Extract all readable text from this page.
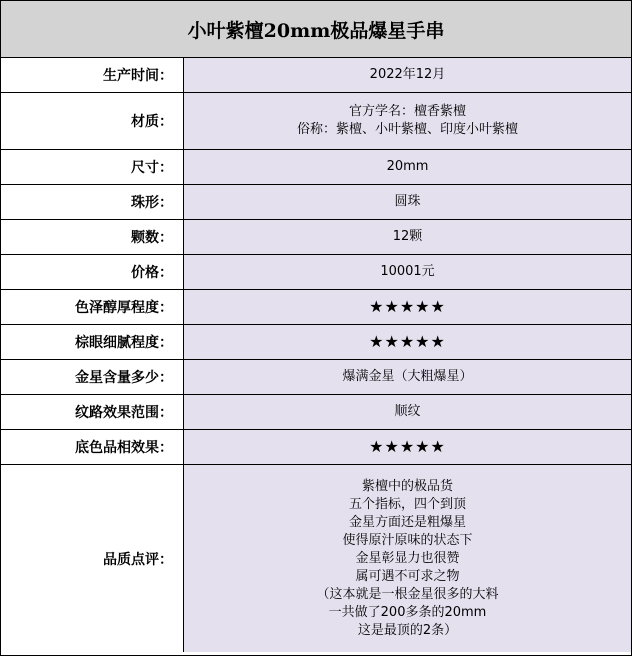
小叶紫檀20mm极品爆星手串
生产时间：	2022年12月
材质：
官方学名：檀香紫檀
俗称：紫檀、小叶紫檀、印度小叶紫檀
尺寸：	20mm
珠形：	圆珠
颗数：	12颗
价格：	10001元
色泽醇厚程度：	★★★★★
棕眼细腻程度：	★★★★★
金星含量多少：	爆满金星（大粗爆星）
纹路效果范围：	顺纹
底色品相效果：	★★★★★
品质点评：
紫檀中的极品货
五个指标，四个到顶
金星方面还是粗爆星
使得原汁原味的状态下
金星彰显力也很赞
属可遇不可求之物
（这本就是一根金星很多的大料
一共做了200多条的20mm
这是最顶的2条）
